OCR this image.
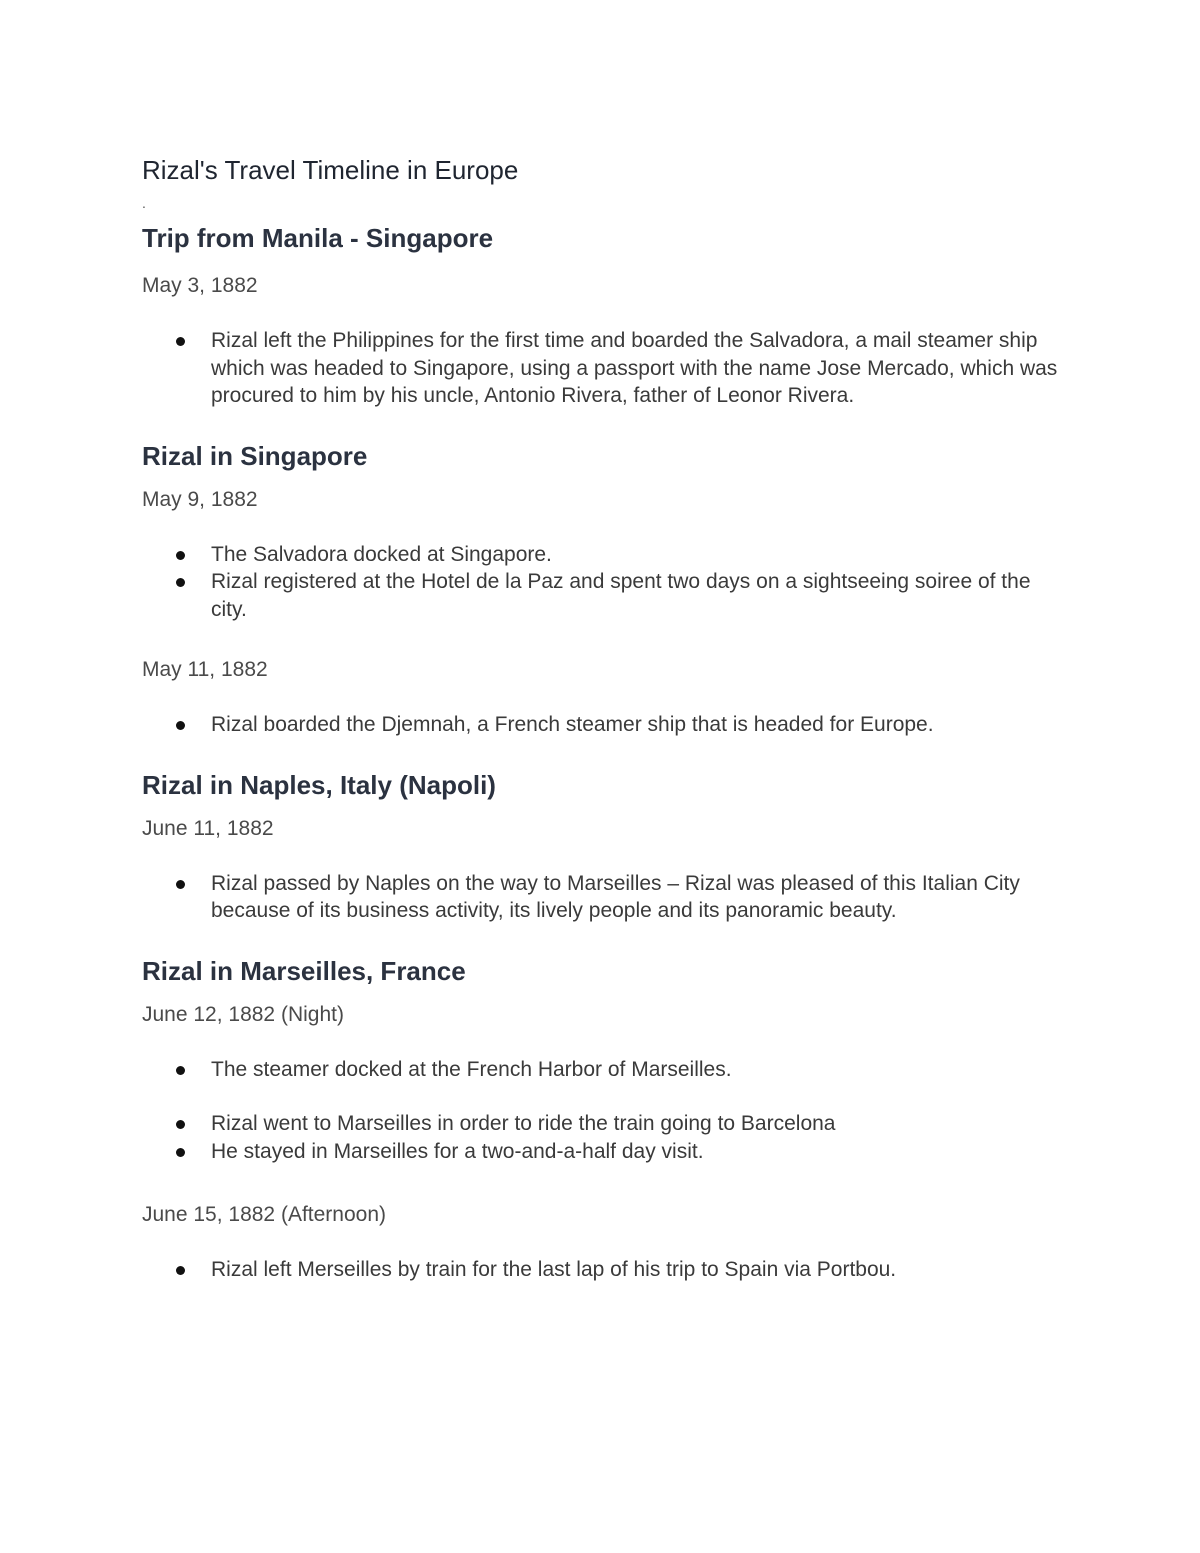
Rizal's Travel Timeline in Europe

.

Trip from Manila - Singapore

May 3, 1882

Rizal left the Philippines for the first time and boarded the Salvadora, a mail steamer ship which was headed to Singapore, using a passport with the name Jose Mercado, which was procured to him by his uncle, Antonio Rivera, father of Leonor Rivera.
Rizal in Singapore

May 9, 1882

The Salvadora docked at Singapore.
Rizal registered at the Hotel de la Paz and spent two days on a sightseeing soiree of the city.

May 11, 1882

Rizal boarded the Djemnah, a French steamer ship that is headed for Europe.
Rizal in Naples, Italy (Napoli)

June 11, 1882

Rizal passed by Naples on the way to Marseilles – Rizal was pleased of this Italian City because of its business activity, its lively people and its panoramic beauty.
Rizal in Marseilles, France

June 12, 1882 (Night)

The steamer docked at the French Harbor of Marseilles.
Rizal went to Marseilles in order to ride the train going to Barcelona
He stayed in Marseilles for a two-and-a-half day visit.

June 15, 1882 (Afternoon)

Rizal left Merseilles by train for the last lap of his trip to Spain via Portbou.
